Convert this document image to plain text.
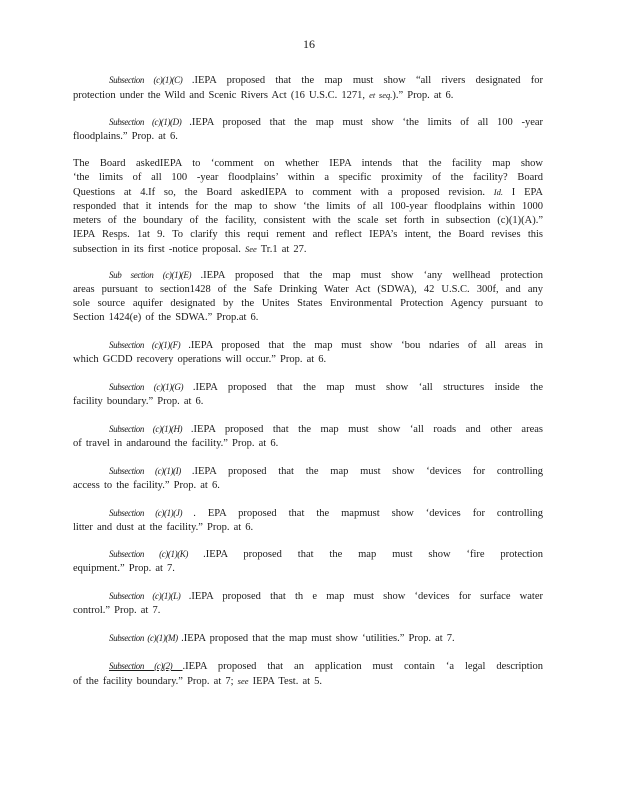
16
Subsection (c)(1)(C) .IEPA proposed that the map must show “all rivers designated for
protection under the Wild and Scenic Rivers Act (16 U.S.C. 1271, et seq.).” Prop. at 6.
Subsection (c)(1)(D) .IEPA proposed that the map must show ‘the limits of all 100 -year
floodplains.” Prop. at 6.
The Board askedIEPA to ‘comment on whether IEPA intends that the facility map show
‘the limits of all 100 -year floodplains’ within a specific proximity of the facility? Board
Questions at 4.If so, the Board askedIEPA to comment with a proposed revision. Id. I EPA
responded that it intends for the map to show ‘the limits of all 100-year floodplains within 1000
meters of the boundary of the facility, consistent with the scale set forth in subsection (c)(1)(A).”
IEPA Resps. 1at 9. To clarify this requi rement and reflect IEPA’s intent, the Board revises this
subsection in its first -notice proposal. See Tr.1 at 27.
Sub section (c)(1)(E) .IEPA proposed that the map must show ‘any wellhead protection
areas pursuant to section1428 of the Safe Drinking Water Act (SDWA), 42 U.S.C. 300f, and any
sole source aquifer designated by the Unites States Environmental Protection Agency pursuant to
Section 1424(e) of the SDWA.” Prop.at 6.
Subsection (c)(1)(F) .IEPA proposed that the map must show ‘bou ndaries of all areas in
which GCDD recovery operations will occur.” Prop. at 6.
Subsection (c)(1)(G) .IEPA proposed that the map must show ‘all structures inside the
facility boundary.” Prop. at 6.
Subsection (c)(1)(H) .IEPA proposed that the map must show ‘all roads and other areas
of travel in andaround the facility.” Prop. at 6.
Subsection (c)(1)(I) .IEPA proposed that the map must show ‘devices for controlling
access to the facility.” Prop. at 6.
Subsection (c)(1)(J) . EPA proposed that the mapmust show ‘devices for controlling
litter and dust at the facility.” Prop. at 6.
Subsection (c)(1)(K) .IEPA proposed that the map must show ‘fire protection
equipment.” Prop. at 7.
Subsection (c)(1)(L) .IEPA proposed that th e map must show ‘devices for surface water
control.” Prop. at 7.
Subsection (c)(1)(M) .IEPA proposed that the map must show ‘utilities.” Prop. at 7.
Subsection (c)(2) .IEPA proposed that an application must contain ‘a legal description
of the facility boundary.” Prop. at 7; see IEPA Test. at 5.
